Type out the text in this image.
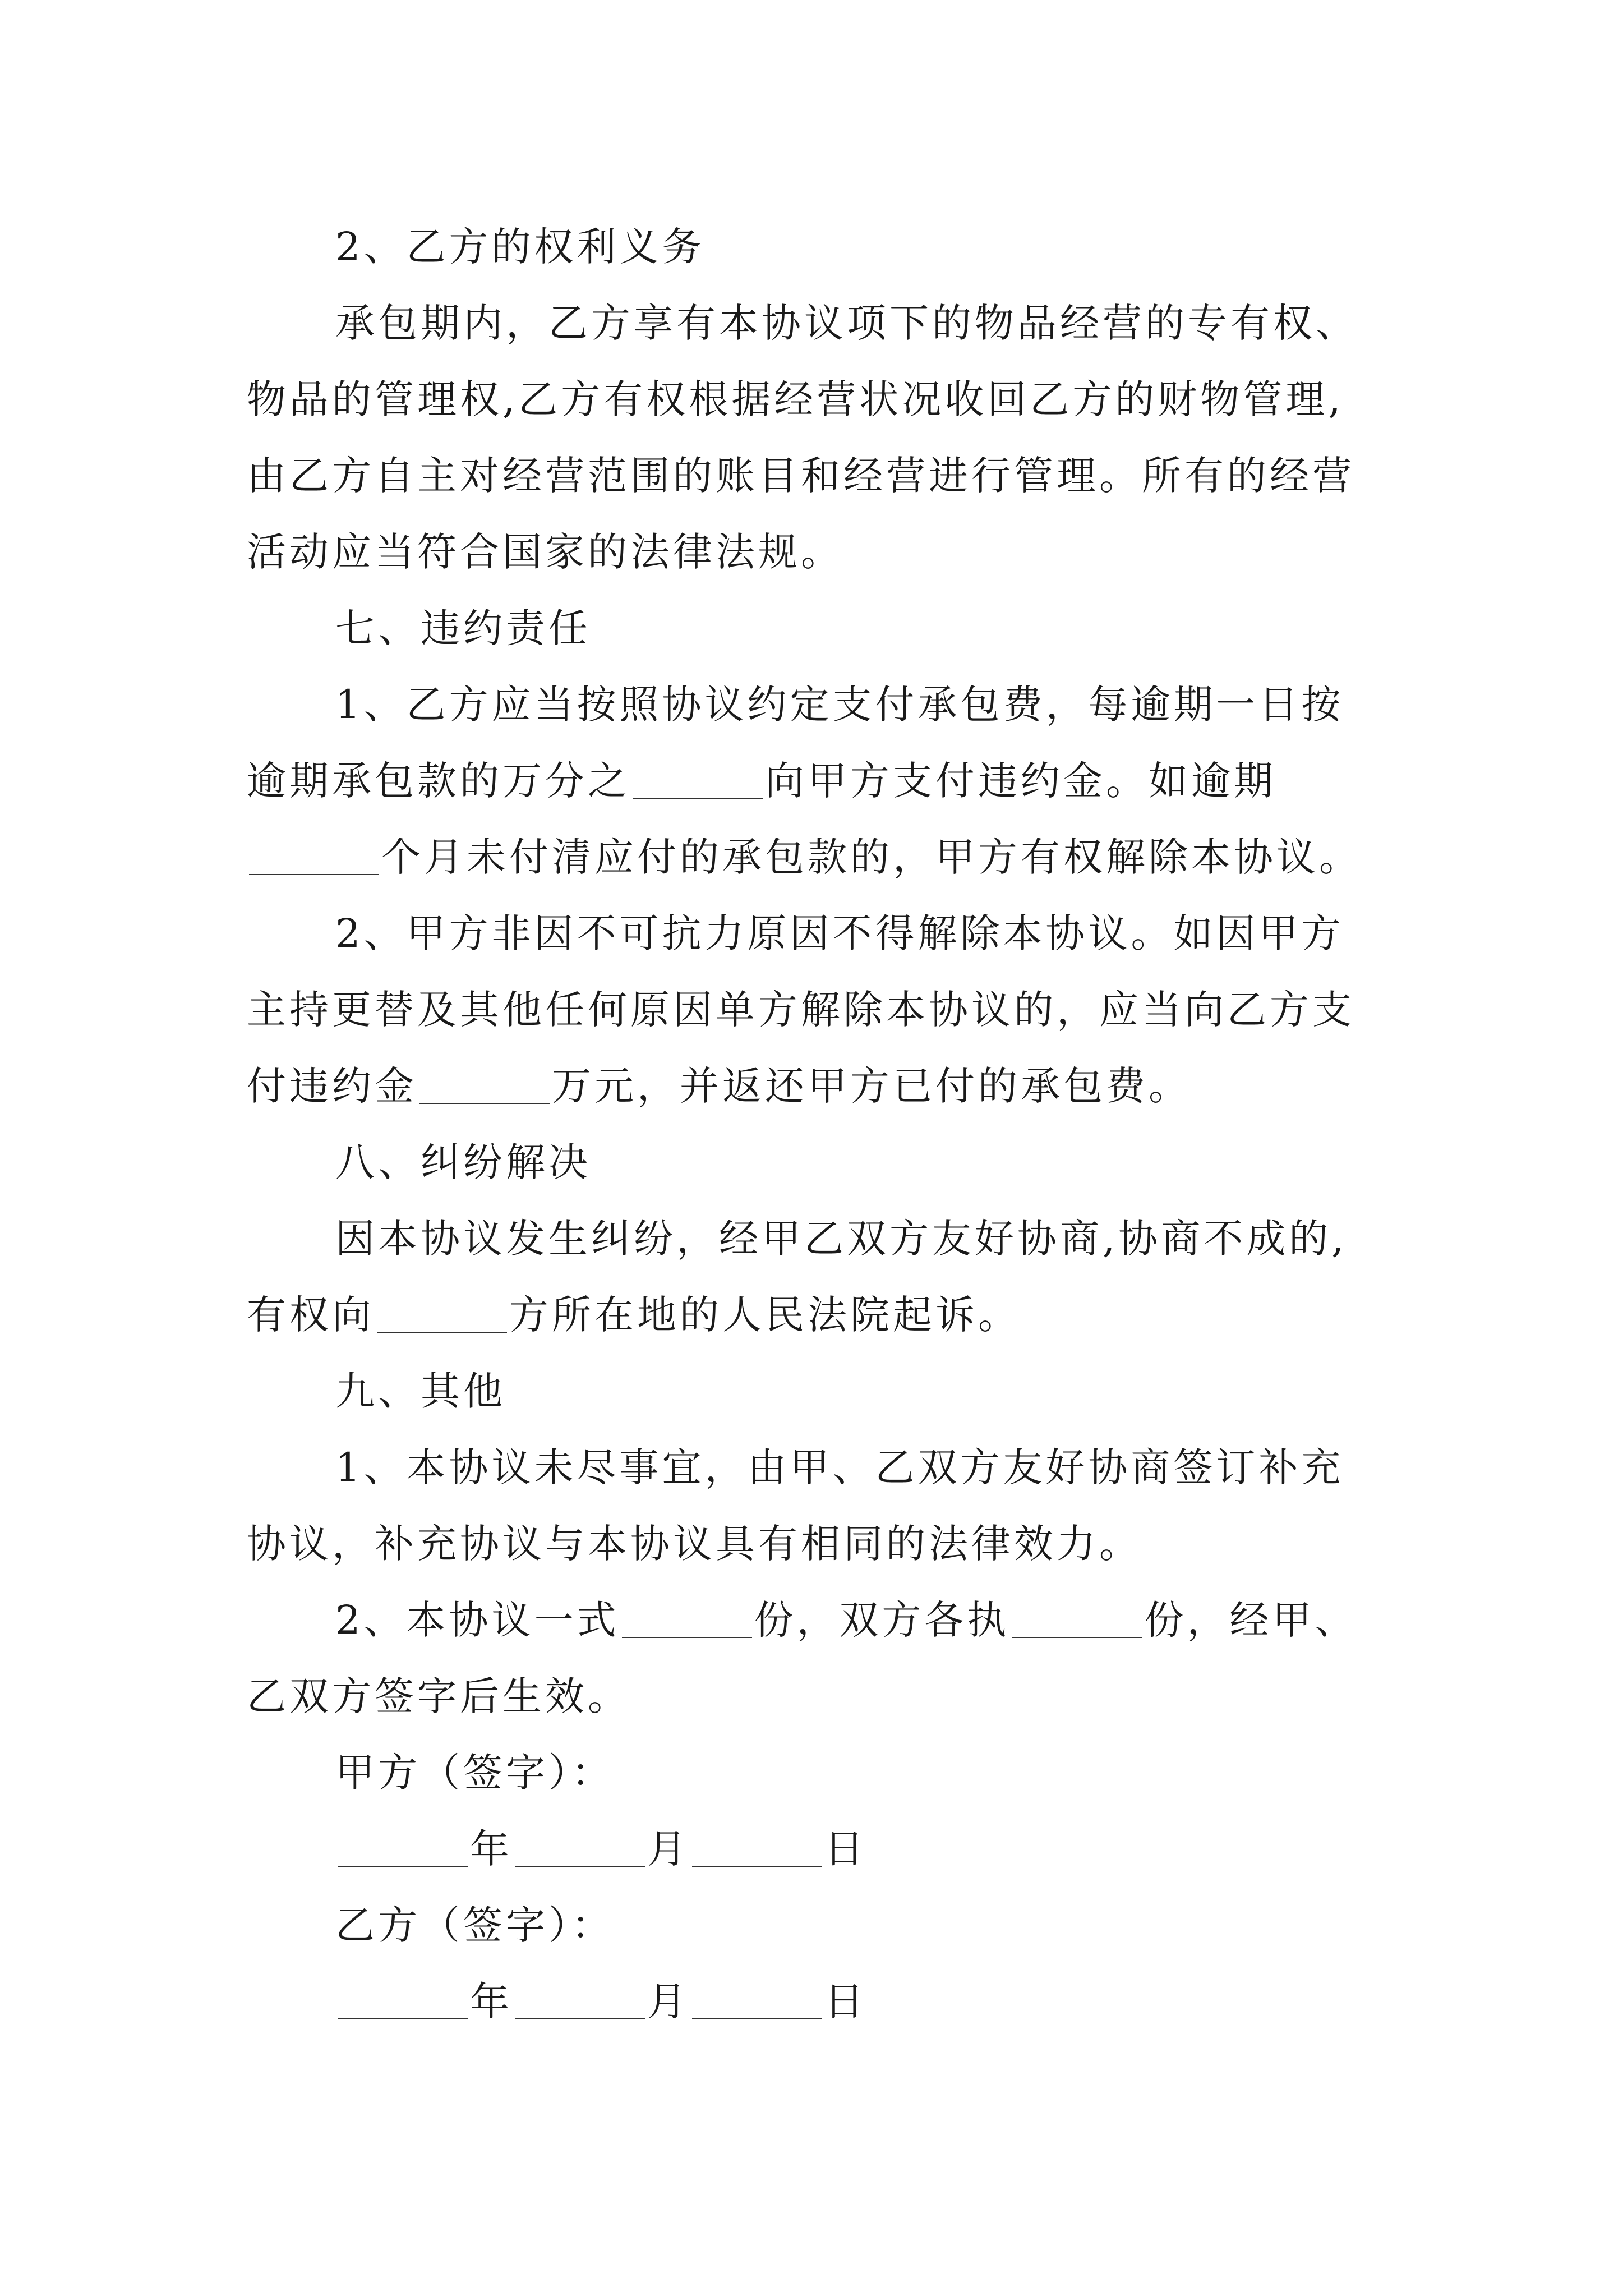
2、乙方的权利义务
承包期内，乙方享有本协议项下的物品经营的专有权、
物品的管理权,乙方有权根据经营状况收回乙方的财物管理,
由乙方自主对经营范围的账目和经营进行管理。所有的经营
活动应当符合国家的法律法规。
七、违约责任
1、乙方应当按照协议约定支付承包费，每逾期一日按
逾期承包款的万分之	向甲方支付违约金。如逾期
个月未付清应付的承包款的，甲方有权解除本协议。
2、甲方非因不可抗力原因不得解除本协议。如因甲方
主持更替及其他任何原因单方解除本协议的，应当向乙方支
付违约金	万元，并返还甲方已付的承包费。
八、纠纷解决
因本协议发生纠纷，经甲乙双方友好协商,协商不成的,
有权向	方所在地的人民法院起诉。
九、其他
1、本协议未尽事宜，由甲、乙双方友好协商签订补充
协议，补充协议与本协议具有相同的法律效力。
2、本协议一式	份，双方各执	份，经甲、
乙双方签字后生效。
甲方（签字）：
年	月	日
乙方（签字）：
年	月	日
